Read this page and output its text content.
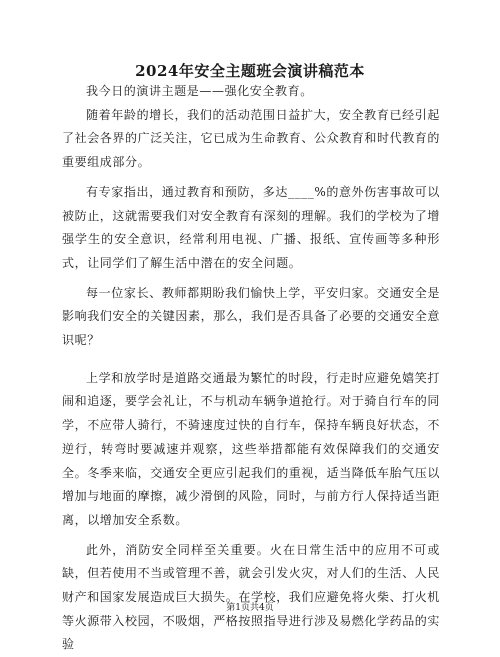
2024年安全主题班会演讲稿范本

我今日的演讲主题是——强化安全教育。

随着年龄的增长，我们的活动范围日益扩大，安全教育已经引起了社会各界的广泛关注，它已成为生命教育、公众教育和时代教育的重要组成部分。

有专家指出，通过教育和预防，多达____%的意外伤害事故可以被防止，这就需要我们对安全教育有深刻的理解。我们的学校为了增强学生的安全意识，经常利用电视、广播、报纸、宣传画等多种形式，让同学们了解生活中潜在的安全问题。

每一位家长、教师都期盼我们愉快上学，平安归家。交通安全是影响我们安全的关键因素，那么，我们是否具备了必要的交通安全意识呢？

上学和放学时是道路交通最为繁忙的时段，行走时应避免嬉笑打闹和追逐，要学会礼让，不与机动车辆争道抢行。对于骑自行车的同学，不应带人骑行，不骑速度过快的自行车，保持车辆良好状态，不逆行，转弯时要减速并观察，这些举措都能有效保障我们的交通安全。冬季来临，交通安全更应引起我们的重视，适当降低车胎气压以增加与地面的摩擦，减少滑倒的风险，同时，与前方行人保持适当距离，以增加安全系数。

此外，消防安全同样至关重要。火在日常生活中的应用不可或缺，但若使用不当或管理不善，就会引发火灾，对人们的生活、人民财产和国家发展造成巨大损失。在学校，我们应避免将火柴、打火机等火源带入校园，不吸烟，严格按照指导进行涉及易燃化学药品的实验

第1页共4页
